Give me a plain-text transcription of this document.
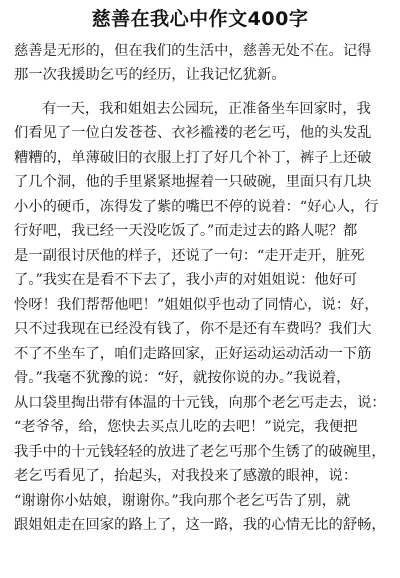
慈善在我心中作文400字
慈善是无形的，但在我们的生活中，慈善无处不在。记得
那一次我援助乞丐的经历，让我记忆犹新。
有一天，我和姐姐去公园玩，正准备坐车回家时，我
们看见了一位白发苍苍、衣衫褴褛的老乞丐，他的头发乱
糟糟的，单薄破旧的衣服上打了好几个补丁，裤子上还破
了几个洞，他的手里紧紧地握着一只破碗，里面只有几块
小小的硬币，冻得发了紫的嘴巴不停的说着：“好心人，行
行好吧，我已经一天没吃饭了。”而走过去的路人呢？都
是一副很讨厌他的样子，还说了一句：“走开走开，脏死
了。”我实在是看不下去了，我小声的对姐姐说：他好可
怜呀！我们帮帮他吧！”姐姐似乎也动了同情心，说：好，
只不过我现在已经没有钱了，你不是还有车费吗？我们大
不了不坐车了，咱们走路回家，正好运动运动活动一下筋
骨。”我毫不犹豫的说：“好，就按你说的办。”我说着，
从口袋里掏出带有体温的十元钱，向那个老乞丐走去，说：
“老爷爷，给，您快去买点儿吃的去吧！”说完，我便把
我手中的十元钱轻轻的放进了老乞丐那个生锈了的破碗里，
老乞丐看见了，抬起头，对我投来了感激的眼神，说：
“谢谢你小姑娘，谢谢你。”我向那个老乞丐告了别，就
跟姐姐走在回家的路上了，这一路，我的心情无比的舒畅，
